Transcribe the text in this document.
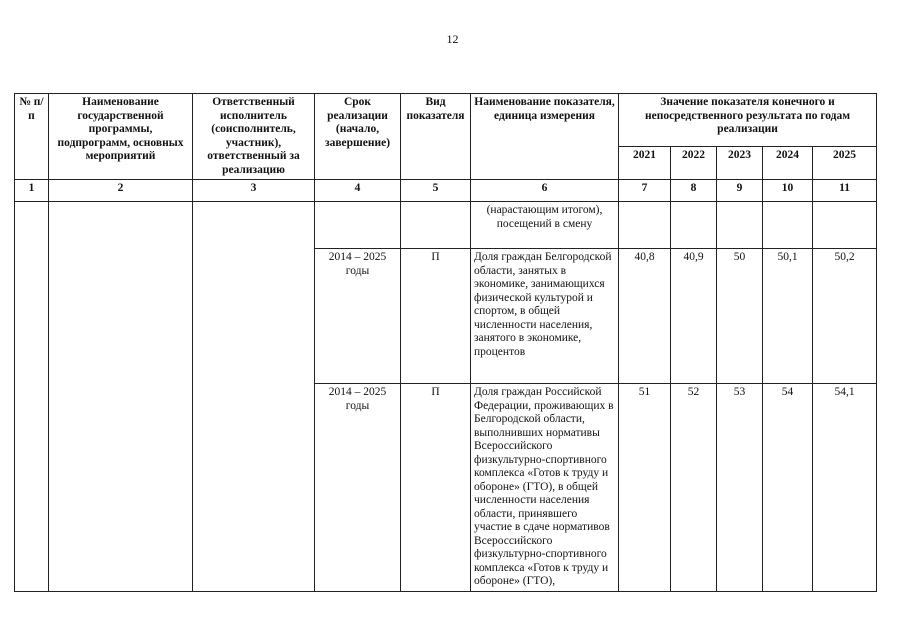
12
№ п/п	Наименование государственной программы, подпрограмм, основных мероприятий	Ответственный исполнитель (соисполнитель, участник), ответственный за реализацию	Срок реализации (начало, завершение)	Вид показателя	Наименование показателя, единица измерения	Значение показателя конечного и непосредственного результата по годам реализации				
						2021	2022	2023	2024	2025
1	2	3	4	5	6	7	8	9	10	11
					(нарастающим итогом), посещений в смену					
			2014 – 2025 годы	П	Доля граждан Белгородской области, занятых в экономике, занимающихся физической культурой и спортом, в общей численности населения, занятого в экономике, процентов	40,8	40,9	50	50,1	50,2
			2014 – 2025 годы	П	Доля граждан Российской Федерации, проживающих в Белгородской области, выполнивших нормативы Всероссийского физкультурно-спортивного комплекса «Готов к труду и обороне» (ГТО), в общей численности населения области, принявшего участие в сдаче нормативов Всероссийского физкультурно-спортивного комплекса «Готов к труду и обороне» (ГТО),	51	52	53	54	54,1
